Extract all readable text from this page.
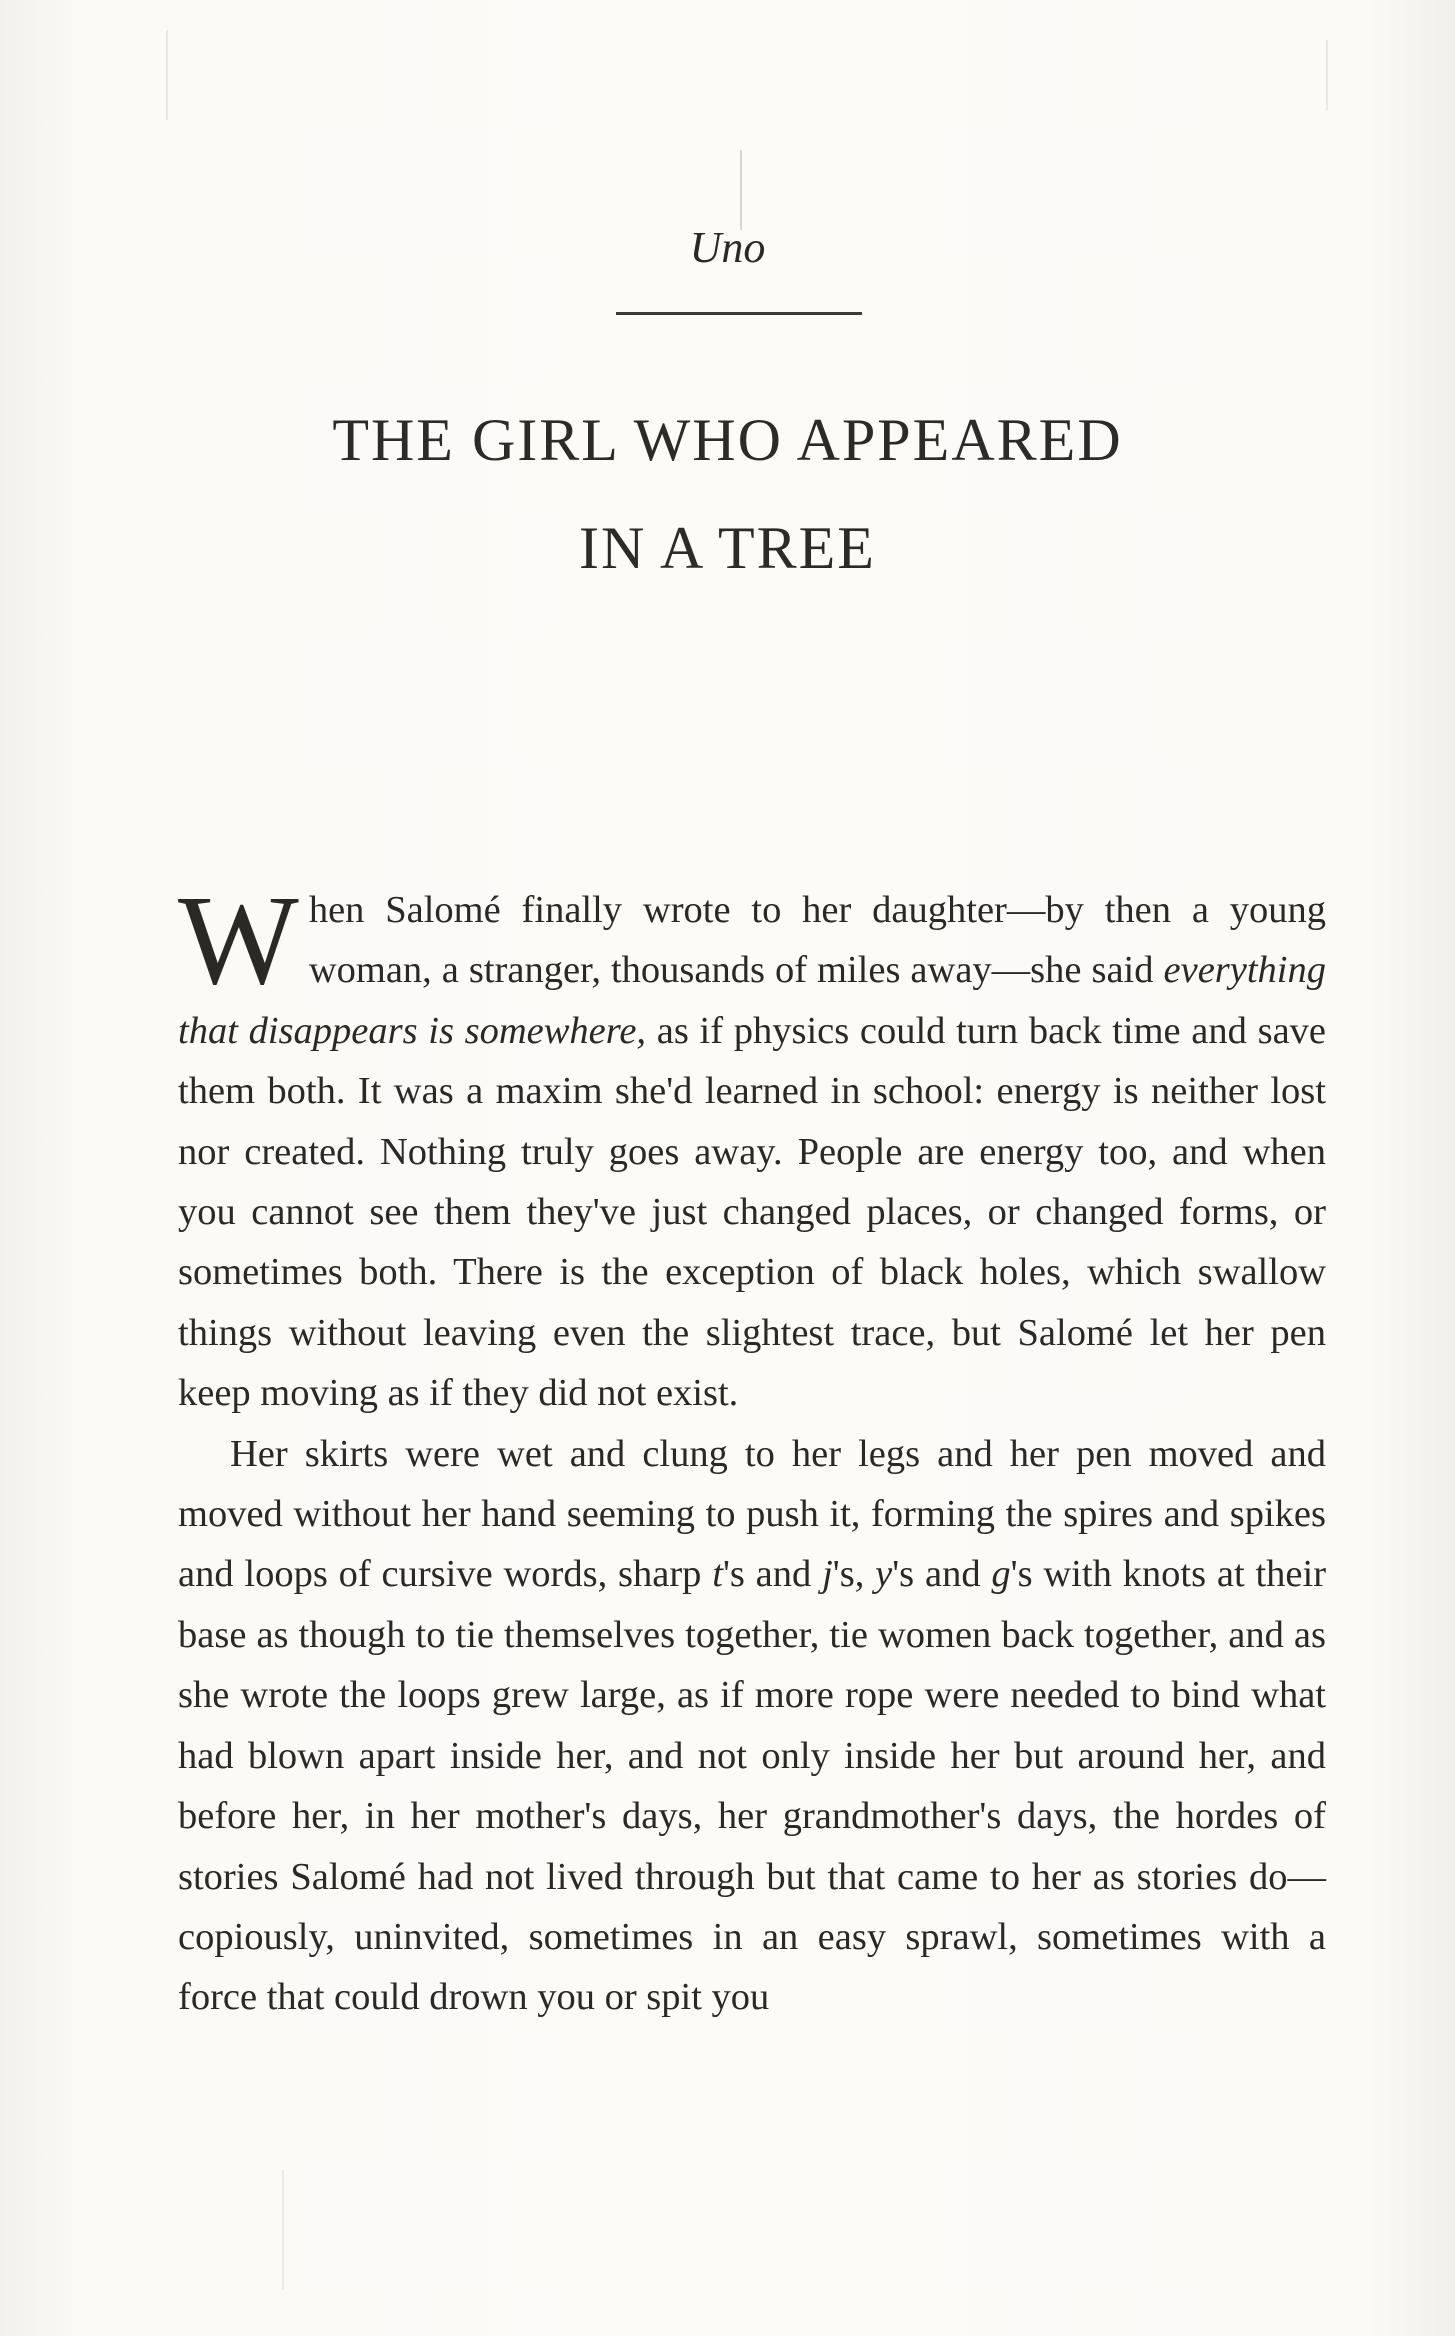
Uno
THE GIRL WHO APPEARED
IN A TREE

When Salomé finally wrote to her daughter—by then a young woman, a stranger, thousands of miles away—she said everything that disappears is somewhere, as if physics could turn back time and save them both. It was a maxim she'd learned in school: energy is neither lost nor created. Nothing truly goes away. People are energy too, and when you cannot see them they've just changed places, or changed forms, or sometimes both. There is the exception of black holes, which swallow things without leaving even the slightest trace, but Salomé let her pen keep moving as if they did not exist.

Her skirts were wet and clung to her legs and her pen moved and moved without her hand seeming to push it, forming the spires and spikes and loops of cursive words, sharp t's and j's, y's and g's with knots at their base as though to tie themselves together, tie women back together, and as she wrote the loops grew large, as if more rope were needed to bind what had blown apart inside her, and not only inside her but around her, and before her, in her mother's days, her grandmother's days, the hordes of stories Salomé had not lived through but that came to her as stories do—copiously, uninvited, sometimes in an easy sprawl, sometimes with a force that could drown you or spit you
